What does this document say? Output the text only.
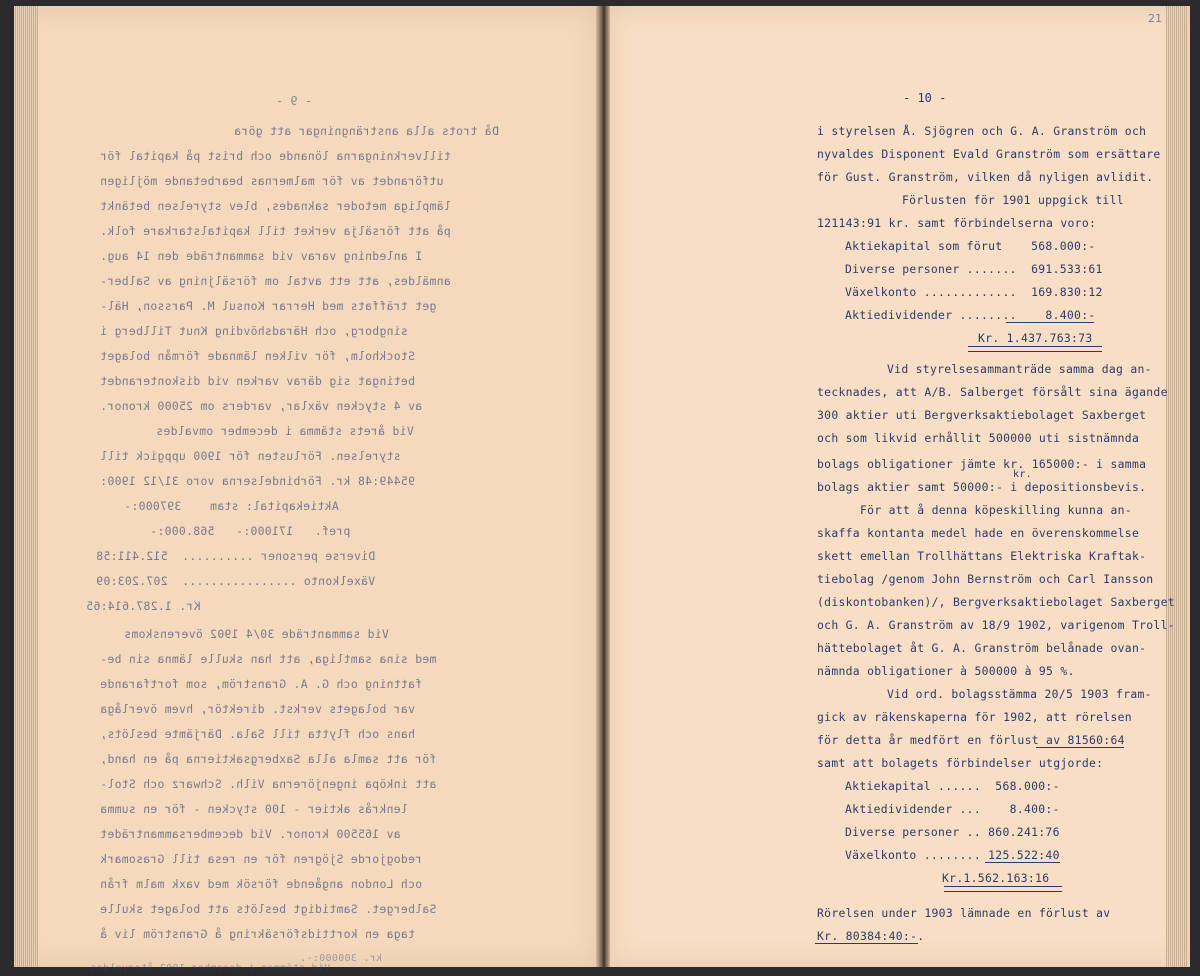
- 9 -
Då trots alla ansträngningar att göra
tillverkningarna lönande och brist på kapital för
utförandet av för malmernas bearbetande möjligen
lämpliga metoder saknades, blev styrelsen betänkt
på att försälja verket till kapitalstarkare folk.
I anledning varav vid sammanträde den 14 aug.
anmäldes, att ett avtal om försäljning av Salber-
get träffats med Herrar Konsul M. Parsson, Häl-
singborg, och Häradshövding Knut Tillberg i
Stockholm, för vilken lämnade förmån bolaget
betingat sig därav varken vid diskonterandet
av 4 stycken växlar, varders om 25000 kronor.
Vid årets stämma i december omvaldes
styrelsen. Förlusten för 1900 uppgick till
95449:48 kr. Förbindelserna voro 31/12 1900:
Aktiekapital: stam    397000:-
pref.   171000:-   568.000:-
Diverse personer ..........  512.411:58
Växelkonto ................  207.203:09
Kr. 1.287.614:65
Vid sammanträde 30/4 1902 överenskoms
med sina samtliga, att han skulle lämna sin be-
fattning och G. A. Granström, som fortfarande
var bolagets verkst. direktör, hvem överlåga
hans och flytta till Sala. Därjämte beslöts,
för att samla alla Saxbergsaktierna på en hand,
att inköpa ingenjörerna Vilh. Schwarz och Stol-
lenkrås aktier - 100 stycken - för en summa
av 165500 kronor. Vid decembersammanträdet
redogjorde Sjögren för en resa till Grasomark
och London angående försök med vaxk malm från
Salberget. Samtidigt beslöts att bolaget skulle
taga en korttidsförsäkring å Granström liv å
kr. 300000:-.
Vid stämman i december 1902 återvaldes
21
- 10 -
i styrelsen Å. Sjögren och G. A. Granström och
nyvaldes Disponent Evald Granström som ersättare
för Gust. Granström, vilken då nyligen avlidit.
Förlusten för 1901 uppgick till
121143:91 kr. samt förbindelserna voro:
Aktiekapital som förut    568.000:-
Diverse personer .......  691.533:61
Växelkonto .............  169.830:12
Aktiedividender ........    8.400:-
Kr. 1.437.763:73
Vid styrelsesammanträde samma dag an-
tecknades, att A/B. Salberget försålt sina ägande
300 aktier uti Bergverksaktiebolaget Saxberget
och som likvid erhållit 500000 uti sistnämnda
bolags obligationer jämte kr. 165000:- i samma
kr.
bolags aktier samt 50000:- i depositionsbevis.
För att å denna köpeskilling kunna an-
skaffa kontanta medel hade en överenskommelse
skett emellan Trollhättans Elektriska Kraftak-
tiebolag /genom John Bernström och Carl Iansson
(diskontobanken)/, Bergverksaktiebolaget Saxberget
och G. A. Granström av 18/9 1902, varigenom Troll-
hättebolaget åt G. A. Granström belånade ovan-
nämnda obligationer à 500000 à 95 %.
Vid ord. bolagsstämma 20/5 1903 fram-
gick av räkenskaperna för 1902, att rörelsen
för detta år medfört en förlust av 81560:64
samt att bolagets förbindelser utgjorde:
Aktiekapital ......  568.000:-
Aktiedividender ...    8.400:-
Diverse personer .. 860.241:76
Växelkonto ........ 125.522:40
Kr.1.562.163:16
Rörelsen under 1903 lämnade en förlust av
Kr. 80384:40:-.
